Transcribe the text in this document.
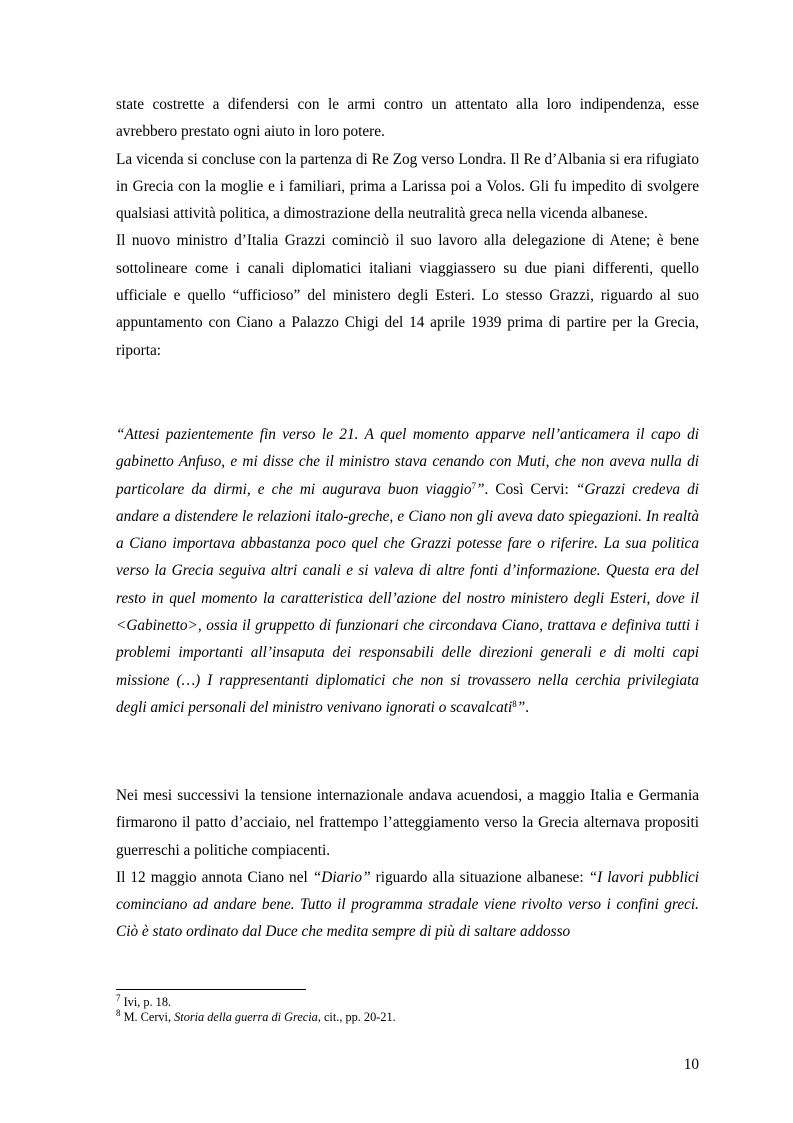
state costrette a difendersi con le armi contro un attentato alla loro indipendenza, esse avrebbero prestato ogni aiuto in loro potere.

La vicenda si concluse con la partenza di Re Zog verso Londra. Il Re d’Albania si era rifugiato in Grecia con la moglie e i familiari, prima a Larissa poi a Volos. Gli fu impedito di svolgere qualsiasi attività politica, a dimostrazione della neutralità greca nella vicenda albanese.

Il nuovo ministro d’Italia Grazzi cominciò il suo lavoro alla delegazione di Atene; è bene sottolineare come i canali diplomatici italiani viaggiassero su due piani differenti, quello ufficiale e quello “ufficioso” del ministero degli Esteri. Lo stesso Grazzi, riguardo al suo appuntamento con Ciano a Palazzo Chigi del 14 aprile 1939 prima di partire per la Grecia, riporta:

“Attesi pazientemente fin verso le 21. A quel momento apparve nell’anticamera il capo di gabinetto Anfuso, e mi disse che il ministro stava cenando con Muti, che non aveva nulla di particolare da dirmi, e che mi augurava buon viaggio$^7$”. Così Cervi: “Grazzi credeva di andare a distendere le relazioni italo-greche, e Ciano non gli aveva dato spiegazioni. In realtà a Ciano importava abbastanza poco quel che Grazzi potesse fare o riferire. La sua politica verso la Grecia seguiva altri canali e si valeva di altre fonti d’informazione. Questa era del resto in quel momento la caratteristica dell’azione del nostro ministero degli Esteri, dove il <Gabinetto>, ossia il gruppetto di funzionari che circondava Ciano, trattava e definiva tutti i problemi importanti all’insaputa dei responsabili delle direzioni generali e di molti capi missione (…) I rappresentanti diplomatici che non si trovassero nella cerchia privilegiata degli amici personali del ministro venivano ignorati o scavalcati$^8$”.

Nei mesi successivi la tensione internazionale andava acuendosi, a maggio Italia e Germania firmarono il patto d’acciaio, nel frattempo l’atteggiamento verso la Grecia alternava propositi guerreschi a politiche compiacenti.

Il 12 maggio annota Ciano nel “Diario” riguardo alla situazione albanese: “I lavori pubblici cominciano ad andare bene. Tutto il programma stradale viene rivolto verso i confini greci. Ciò è stato ordinato dal Duce che medita sempre di più di saltare addosso

$^7$ Ivi, p. 18.
$^8$ M. Cervi, Storia della guerra di Grecia, cit., pp. 20-21.
10
